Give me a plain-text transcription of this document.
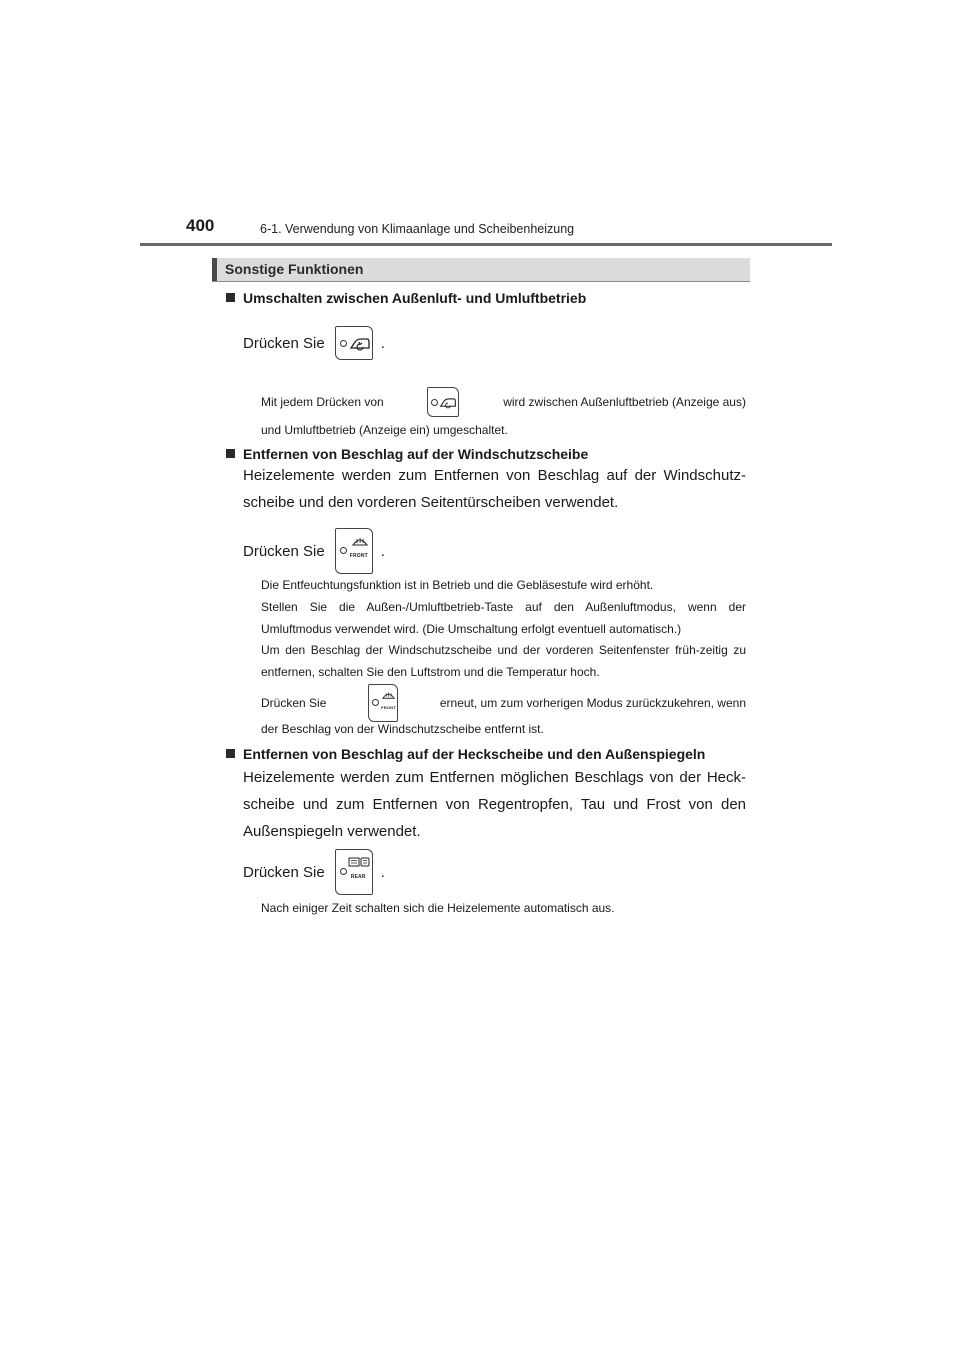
400	6-1. Verwendung von Klimaanlage und Scheibenheizung
Sonstige Funktionen
Umschalten zwischen Außenluft- und Umluftbetrieb
Drücken Sie	.
Mit jedem Drücken von	wird zwischen Außenluftbetrieb (Anzeige aus)
und Umluftbetrieb (Anzeige ein) umgeschaltet.
Entfernen von Beschlag auf der Windschutzscheibe
Heizelemente werden zum Entfernen von Beschlag auf der Windschutz-scheibe und den vorderen Seitentürscheiben verwendet.
Drücken Sie	FRONT .
Die Entfeuchtungsfunktion ist in Betrieb und die Gebläsestufe wird erhöht.
Stellen Sie die Außen-/Umluftbetrieb-Taste auf den Außenluftmodus, wenn der Umluftmodus verwendet wird. (Die Umschaltung erfolgt eventuell automatisch.)
Um den Beschlag der Windschutzscheibe und der vorderen Seitenfenster früh-zeitig zu entfernen, schalten Sie den Luftstrom und die Temperatur hoch.
Drücken Sie	FRONT	erneut, um zum vorherigen Modus zurückzukehren, wenn
der Beschlag von der Windschutzscheibe entfernt ist.
Entfernen von Beschlag auf der Heckscheibe und den Außenspiegeln
Heizelemente werden zum Entfernen möglichen Beschlags von der Heck-scheibe und zum Entfernen von Regentropfen, Tau und Frost von den Außenspiegeln verwendet.
Drücken Sie	REAR .
Nach einiger Zeit schalten sich die Heizelemente automatisch aus.
